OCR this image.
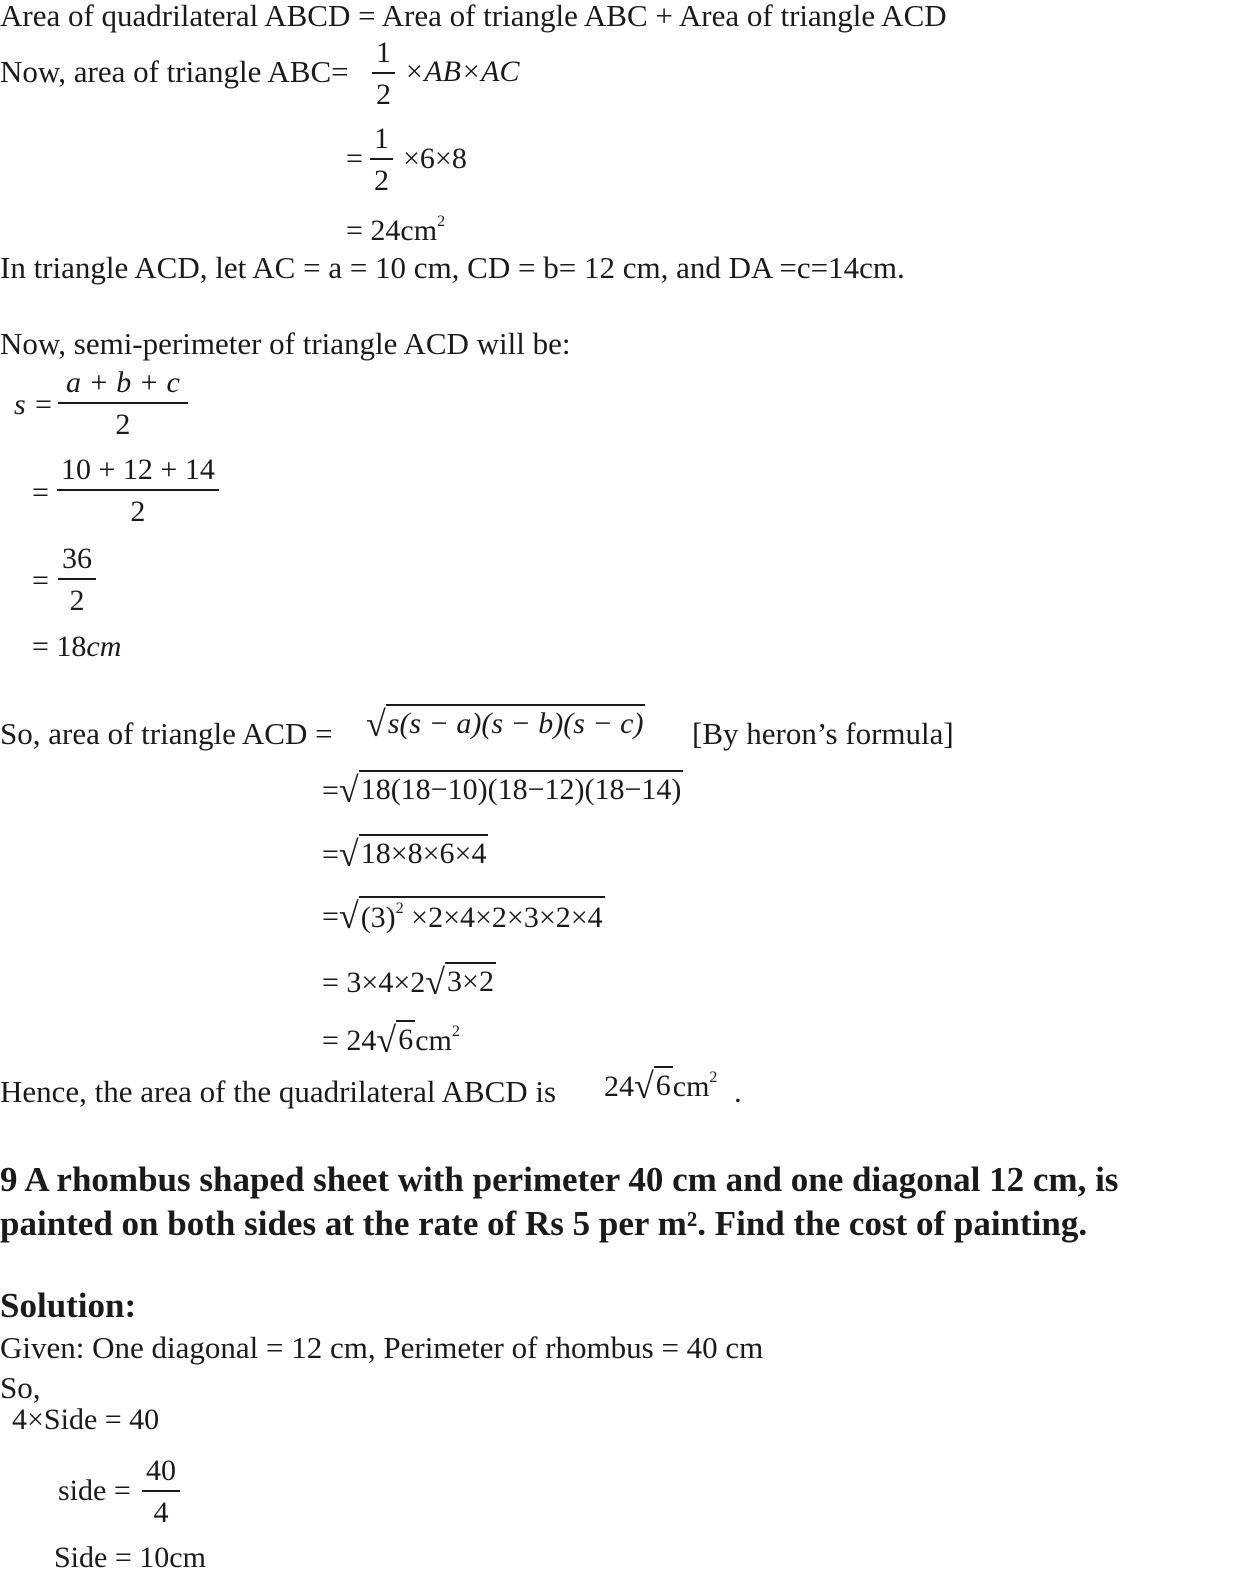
Area of quadrilateral ABCD = Area of triangle ABC + Area of triangle ACD
Now, area of triangle $ABC= \frac{1}{2} \times AB\times AC$
= $\frac{1}{2} \times 6\times 8$
= $24cm^2$
In triangle ACD, let AC = a = 10 cm, CD = b= 12 cm, and DA =c=14cm.
Now, semi-perimeter of triangle ACD will be:
$s = \frac{a + b + c}{2}$
= $\frac{10 + 12 + 14}{2}$
= $\frac{36}{2}$
= 18cm
So, area of triangle ACD = √ s(s − a)(s − b)(s − c) [By heron’s formula]
= √ 18(18−10)(18−12)(18−14)
= √ 18×8×6×4
= √ $(3)^2 \times 2\times 4\times 2\times 3\times 2\times 4$
= 3×4×2 √ 3×2
= 24 √ 6 $cm^2$
Hence, the area of the quadrilateral ABCD is 24 √ 6 $cm^2$ .
9 A rhombus shaped sheet with perimeter 40 cm and one diagonal 12 cm, is
painted on both sides at the rate of Rs 5 per m². Find the cost of painting.
Solution:
Given: One diagonal = 12 cm, Perimeter of rhombus = 40 cm
So,
4×Side = 40
side = $\frac{40}{4}$
Side = 10cm
